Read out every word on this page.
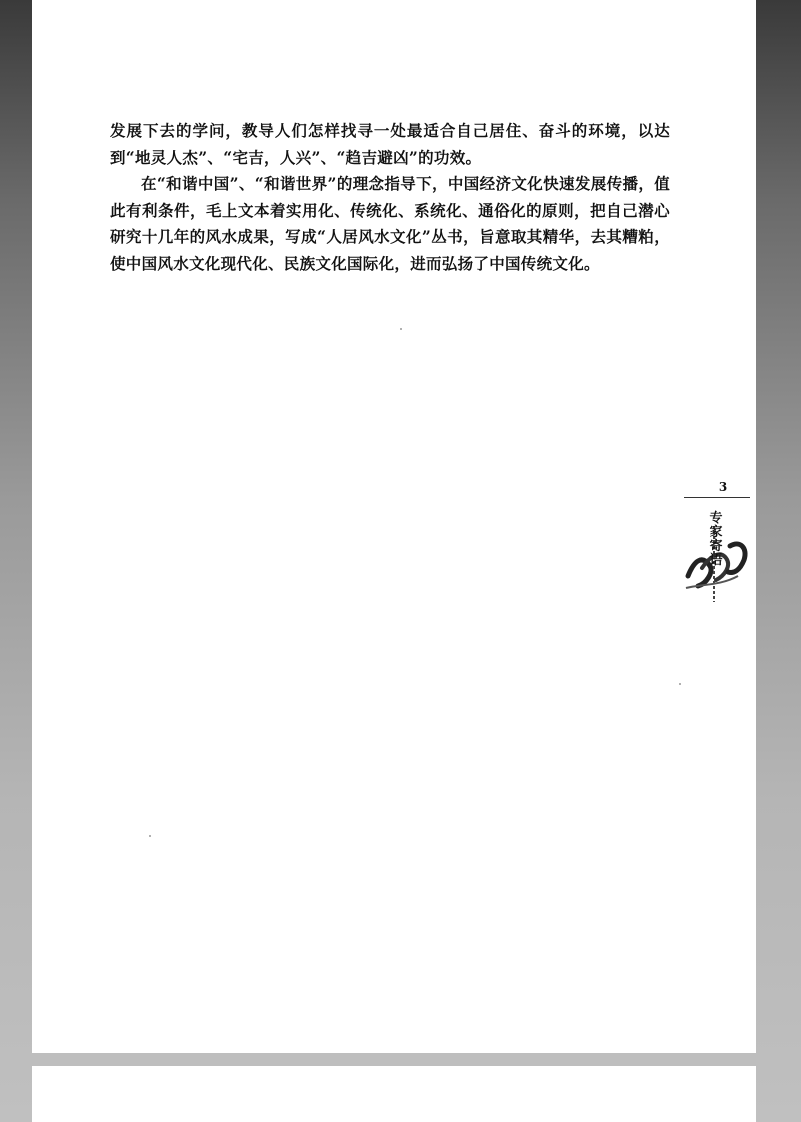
发展下去的学问，教导人们怎样找寻一处最适合自己居住、奋斗的环境，以达到“地灵人杰”、“宅吉，人兴”、“趋吉避凶”的功效。

在“和谐中国”、“和谐世界”的理念指导下，中国经济文化快速发展传播，值此有利条件，毛上文本着实用化、传统化、系统化、通俗化的原则，把自己潜心研究十几年的风水成果，写成“人居风水文化”丛书，旨意取其精华，去其糟粕，使中国风水文化现代化、民族文化国际化，进而弘扬了中国传统文化。

3
专
家
寄
语
